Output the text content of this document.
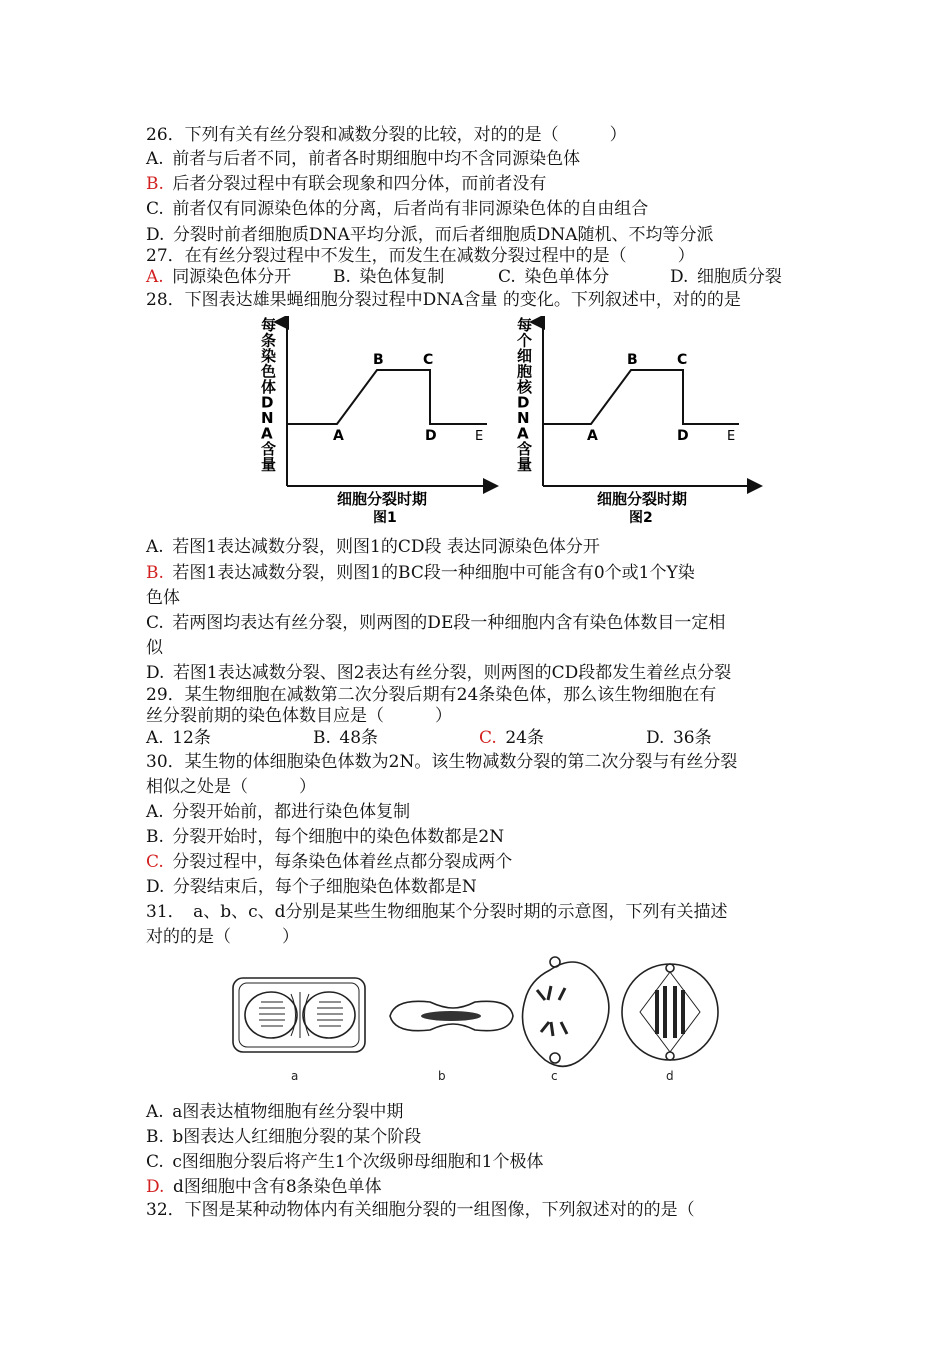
26．下列有关有丝分裂和减数分裂的比较，对的的是（　　　）
A.  前者与后者不同，前者各时期细胞中均不含同源染色体
B.  后者分裂过程中有联会现象和四分体，而前者没有
C.  前者仅有同源染色体的分离，后者尚有非同源染色体的自由组合
D.  分裂时前者细胞质DNA平均分派，而后者细胞质DNA随机、不均等分派
27．在有丝分裂过程中不发生，而发生在减数分裂过程中的是（　　　）
A.  同源染色体分开 B.  染色体复制	C.  染色单体分	D.  细胞质分裂
28．下图表达雄果蝇细胞分裂过程中DNA含量 的变化。下列叙述中，对的的是
每条染色体 D N A 含量
A
B	C
D	E
细胞分裂时期
图1
每个细胞核 D N A 含量
A
B	C
D	E
细胞分裂时期
图2
A.  若图1表达减数分裂，则图1的CD段 表达同源染色体分开
B.  若图1表达减数分裂，则图1的BC段一种细胞中可能含有0个或1个Y染
色体
C.  若两图均表达有丝分裂，则两图的DE段一种细胞内含有染色体数目一定相
似
D.  若图1表达减数分裂、图2表达有丝分裂，则两图的CD段都发生着丝点分裂
29．某生物细胞在减数第二次分裂后期有24条染色体，那么该生物细胞在有
丝分裂前期的染色体数目应是（　　　）
A.  12条	B.  48条	C.  24条	D.  36条
30．某生物的体细胞染色体数为2N。该生物减数分裂的第二次分裂与有丝分裂
相似之处是（　　　）
A.  分裂开始前，都进行染色体复制
B.  分裂开始时，每个细胞中的染色体数都是2N
C.  分裂过程中，每条染色体着丝点都分裂成两个
D.  分裂结束后，每个子细胞染色体数都是N
31．　a、b、c、d分别是某些生物细胞某个分裂时期的示意图，下列有关描述
对的的是（　　　）
a	b	c	d
A.  a图表达植物细胞有丝分裂中期
B.  b图表达人红细胞分裂的某个阶段
C.  c图细胞分裂后将产生1个次级卵母细胞和1个极体
D.  d图细胞中含有8条染色单体
32．下图是某种动物体内有关细胞分裂的一组图像，下列叙述对的的是（
